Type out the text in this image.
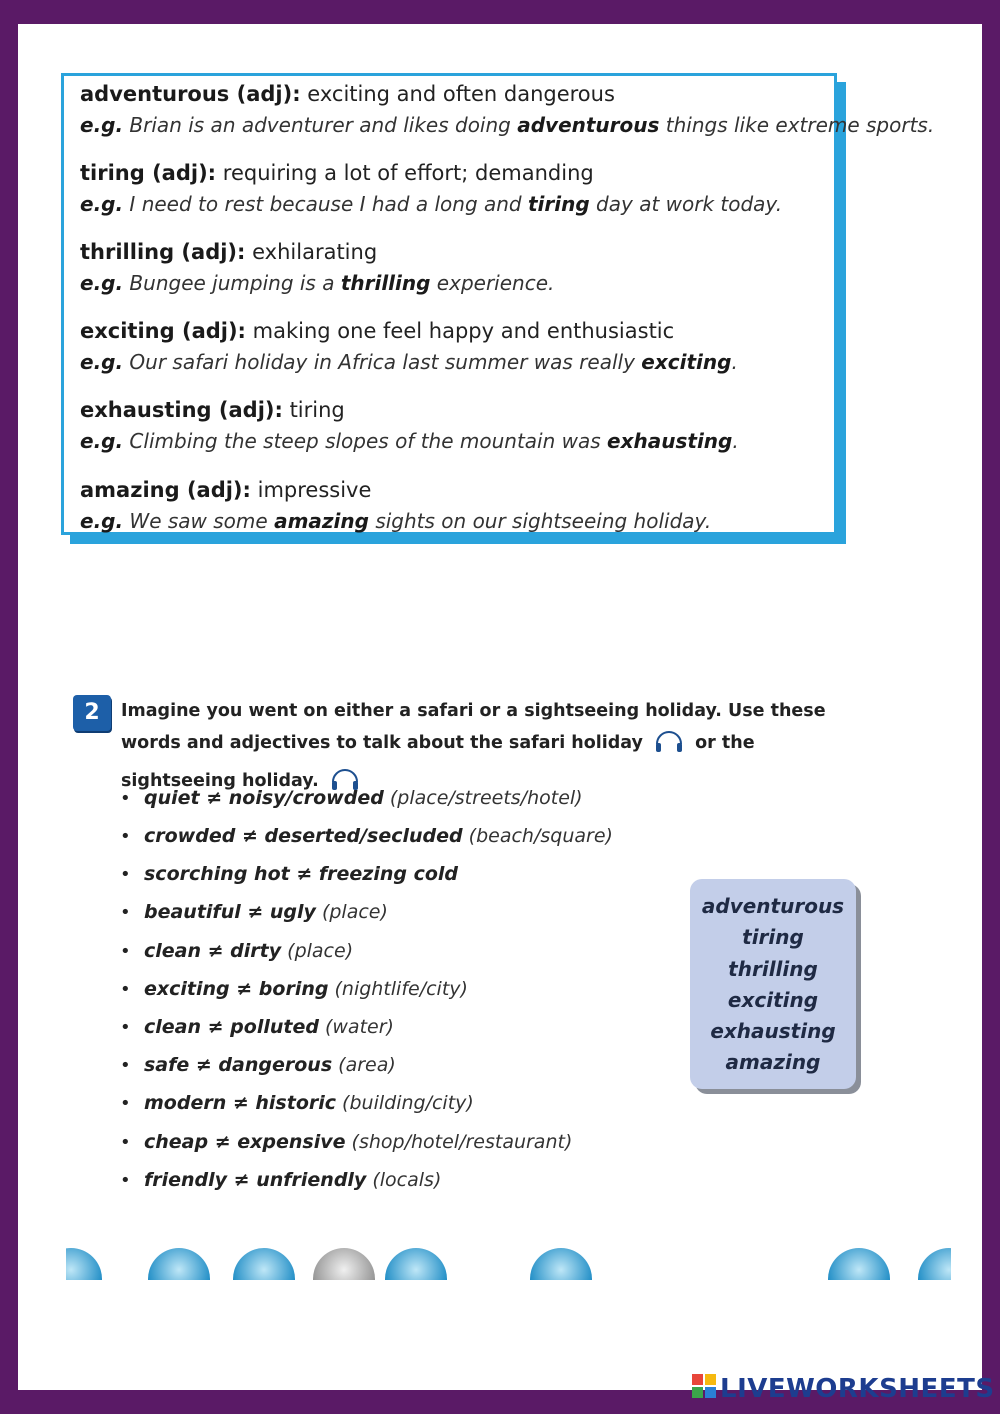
adventurous (adj): exciting and often dangerous
e.g. Brian is an adventurer and likes doing adventurous things like extreme sports.
tiring (adj): requiring a lot of effort; demanding
e.g. I need to rest because I had a long and tiring day at work today.
thrilling (adj): exhilarating
e.g. Bungee jumping is a thrilling experience.
exciting (adj): making one feel happy and enthusiastic
e.g. Our safari holiday in Africa last summer was really exciting.
exhausting (adj): tiring
e.g. Climbing the steep slopes of the mountain was exhausting.
amazing (adj): impressive
e.g. We saw some amazing sights on our sightseeing holiday.
2	Imagine you went on either a safari or a sightseeing holiday. Use these words and adjectives to talk about the safari holiday	or the sightseeing holiday.
• quiet ≠ noisy/crowded (place/streets/hotel)
• crowded ≠ deserted/secluded (beach/square)
• scorching hot ≠ freezing cold
• beautiful ≠ ugly (place)
• clean ≠ dirty (place)
• exciting ≠ boring (nightlife/city)
• clean ≠ polluted (water)
• safe ≠ dangerous (area)
• modern ≠ historic (building/city)
• cheap ≠ expensive (shop/hotel/restaurant)
• friendly ≠ unfriendly (locals)
adventurous
tiring
thrilling
exciting
exhausting
amazing
LIVEWORKSHEETS
